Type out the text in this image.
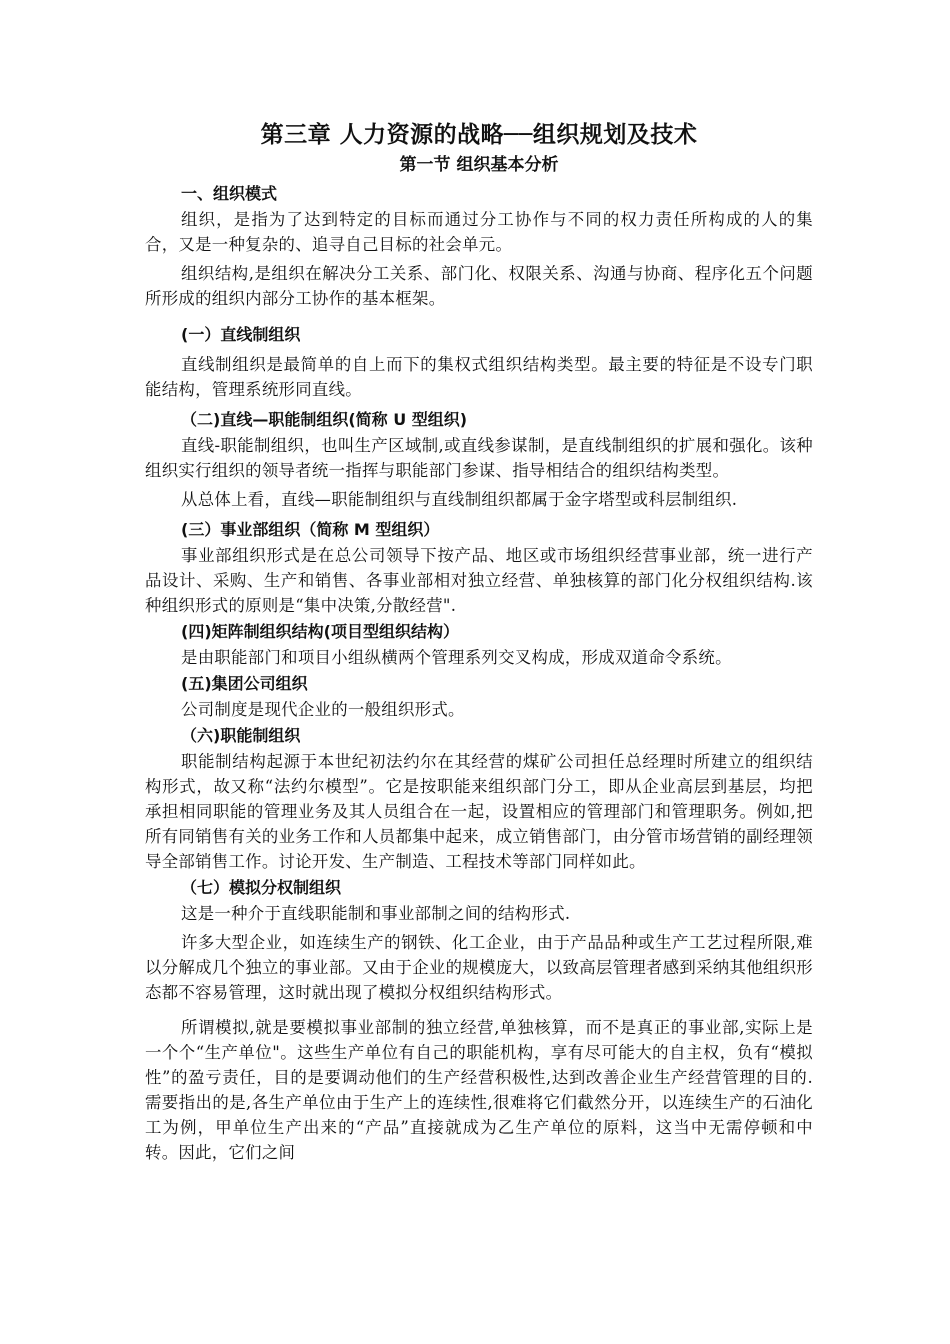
第三章 人力资源的战略──组织规划及技术
第一节 组织基本分析

一、组织模式

组织，是指为了达到特定的目标而通过分工协作与不同的权力责任所构成的人的集合，又是一种复杂的、追寻自己目标的社会单元。

组织结构,是组织在解决分工关系、部门化、权限关系、沟通与协商、程序化五个问题所形成的组织内部分工协作的基本框架。

(一）直线制组织

直线制组织是最简单的自上而下的集权式组织结构类型。最主要的特征是不设专门职能结构，管理系统形同直线。

（二)直线—职能制组织(简称 U 型组织)

直线-职能制组织，也叫生产区域制,或直线参谋制，是直线制组织的扩展和强化。该种组织实行组织的领导者统一指挥与职能部门参谋、指导相结合的组织结构类型。

从总体上看，直线—职能制组织与直线制组织都属于金字塔型或科层制组织.

(三）事业部组织（简称 M 型组织）

事业部组织形式是在总公司领导下按产品、地区或市场组织经营事业部，统一进行产品设计、采购、生产和销售、各事业部相对独立经营、单独核算的部门化分权组织结构.该种组织形式的原则是“集中决策,分散经营".

(四)矩阵制组织结构(项目型组织结构）

是由职能部门和项目小组纵横两个管理系列交叉构成，形成双道命令系统。

(五)集团公司组织

公司制度是现代企业的一般组织形式。

（六)职能制组织

职能制结构起源于本世纪初法约尔在其经营的煤矿公司担任总经理时所建立的组织结构形式，故又称“法约尔模型”。它是按职能来组织部门分工，即从企业高层到基层，均把承担相同职能的管理业务及其人员组合在一起，设置相应的管理部门和管理职务。例如,把所有同销售有关的业务工作和人员都集中起来，成立销售部门，由分管市场营销的副经理领导全部销售工作。讨论开发、生产制造、工程技术等部门同样如此。

（七）模拟分权制组织

这是一种介于直线职能制和事业部制之间的结构形式.

许多大型企业，如连续生产的钢铁、化工企业，由于产品品种或生产工艺过程所限,难以分解成几个独立的事业部。又由于企业的规模庞大，以致高层管理者感到采纳其他组织形态都不容易管理，这时就出现了模拟分权组织结构形式。

所谓模拟,就是要模拟事业部制的独立经营,单独核算，而不是真正的事业部,实际上是一个个“生产单位"。这些生产单位有自己的职能机构，享有尽可能大的自主权，负有“模拟性”的盈亏责任，目的是要调动他们的生产经营积极性,达到改善企业生产经营管理的目的.需要指出的是,各生产单位由于生产上的连续性,很难将它们截然分开，以连续生产的石油化工为例，甲单位生产出来的“产品”直接就成为乙生产单位的原料，这当中无需停顿和中转。因此，它们之间
